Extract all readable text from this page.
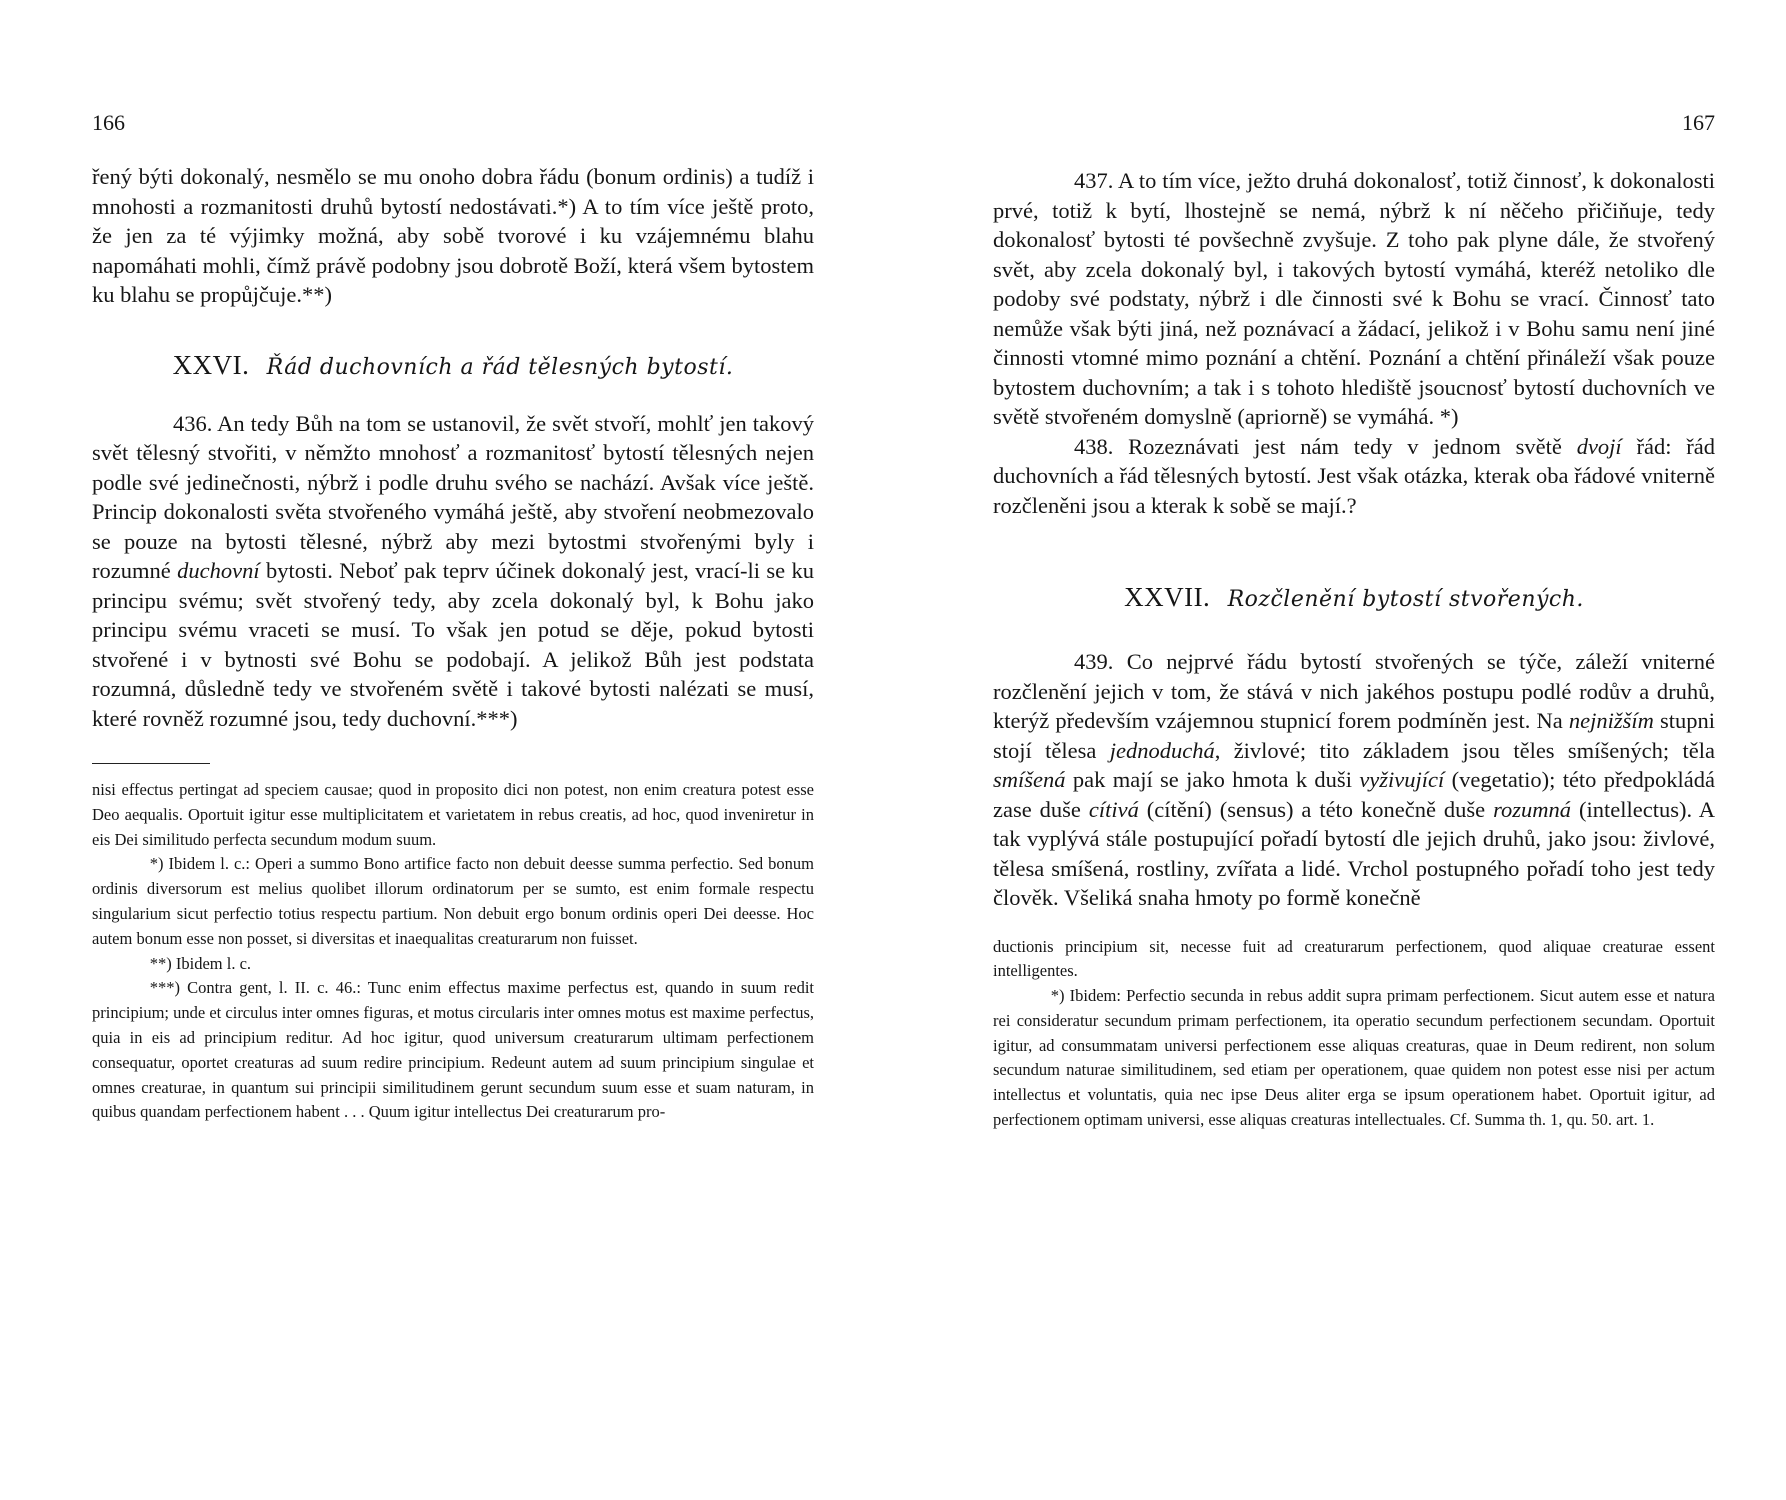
166

řený býti dokonalý, nesmělo se mu onoho dobra řádu (bonum ordinis) a tudíž i mnohosti a rozmanitosti druhů bytostí nedostávati.*) A to tím více ještě proto, že jen za té výjimky možná, aby sobě tvorové i ku vzájemnému blahu napomáhati mohli, čímž právě podobny jsou dobrotě Boží, která všem bytostem ku blahu se propůjčuje.**)

XXVI. Řád duchovních a řád tělesných bytostí.

436. An tedy Bůh na tom se ustanovil, že svět stvoří, mohlť jen takový svět tělesný stvořiti, v němžto mnohosť a rozmanitosť bytostí tělesných nejen podle své jedinečnosti, nýbrž i podle druhu svého se nachází. Avšak více ještě. Princip dokonalosti světa stvořeného vymáhá ještě, aby stvoření neobmezovalo se pouze na bytosti tělesné, nýbrž aby mezi bytostmi stvořenými byly i rozumné duchovní bytosti. Neboť pak teprv účinek dokonalý jest, vrací-li se ku principu svému; svět stvořený tedy, aby zcela dokonalý byl, k Bohu jako principu svému vraceti se musí. To však jen potud se děje, pokud bytosti stvořené i v bytnosti své Bohu se podobají. A jelikož Bůh jest podstata rozumná, důsledně tedy ve stvořeném světě i takové bytosti nalézati se musí, které rovněž rozumné jsou, tedy duchovní.***)

nisi effectus pertingat ad speciem causae; quod in proposito dici non potest, non enim creatura potest esse Deo aequalis. Oportuit igitur esse multiplicitatem et varietatem in rebus creatis, ad hoc, quod inveniretur in eis Dei similitudo perfecta secundum modum suum.

*) Ibidem l. c.: Operi a summo Bono artifice facto non debuit deesse summa perfectio. Sed bonum ordinis diversorum est melius quolibet illorum ordinatorum per se sumto, est enim formale respectu singularium sicut perfectio totius respectu partium. Non debuit ergo bonum ordinis operi Dei deesse. Hoc autem bonum esse non posset, si diversitas et inaequalitas creaturarum non fuisset.

**) Ibidem l. c.

***) Contra gent, l. II. c. 46.: Tunc enim effectus maxime perfectus est, quando in suum redit principium; unde et circulus inter omnes figuras, et motus circularis inter omnes motus est maxime perfectus, quia in eis ad principium reditur. Ad hoc igitur, quod universum creaturarum ultimam perfectionem consequatur, oportet creaturas ad suum redire principium. Redeunt autem ad suum principium singulae et omnes creaturae, in quantum sui principii similitudinem gerunt secundum suum esse et suam naturam, in quibus quandam perfectionem habent . . . Quum igitur intellectus Dei creaturarum pro-

167

437. A to tím více, ježto druhá dokonalosť, totiž činnosť, k dokonalosti prvé, totiž k bytí, lhostejně se nemá, nýbrž k ní něčeho přičiňuje, tedy dokonalosť bytosti té povšechně zvyšuje. Z toho pak plyne dále, že stvořený svět, aby zcela dokonalý byl, i takových bytostí vymáhá, kteréž netoliko dle podoby své podstaty, nýbrž i dle činnosti své k Bohu se vrací. Činnosť tato nemůže však býti jiná, než poznávací a žádací, jelikož i v Bohu samu není jiné činnosti vtomné mimo poznání a chtění. Poznání a chtění přináleží však pouze bytostem duchovním; a tak i s tohoto hlediště jsoucnosť bytostí duchovních ve světě stvořeném domyslně (apriorně) se vymáhá. *)

438. Rozeznávati jest nám tedy v jednom světě dvojí řád: řád duchovních a řád tělesných bytostí. Jest však otázka, kterak oba řádové vniterně rozčleněni jsou a kterak k sobě se mají.?

XXVII. Rozčlenění bytostí stvořených.

439. Co nejprvé řádu bytostí stvořených se týče, záleží vniterné rozčlenění jejich v tom, že stává v nich jakéhos postupu podlé rodův a druhů, kterýž především vzájemnou stupnicí forem podmíněn jest. Na nejnižším stupni stojí tělesa jednoduchá, živlové; tito základem jsou těles smíšených; těla smíšená pak mají se jako hmota k duši vyživující (vegetatio); této předpokládá zase duše cítivá (cítění) (sensus) a této konečně duše rozumná (intellectus). A tak vyplývá stále postupující pořadí bytostí dle jejich druhů, jako jsou: živlové, tělesa smíšená, rostliny, zvířata a lidé. Vrchol postupného pořadí toho jest tedy člověk. Všeliká snaha hmoty po formě konečně

ductionis principium sit, necesse fuit ad creaturarum perfectionem, quod aliquae creaturae essent intelligentes.

*) Ibidem: Perfectio secunda in rebus addit supra primam perfectionem. Sicut autem esse et natura rei consideratur secundum primam perfectionem, ita operatio secundum perfectionem secundam. Oportuit igitur, ad consummatam universi perfectionem esse aliquas creaturas, quae in Deum redirent, non solum secundum naturae similitudinem, sed etiam per operationem, quae quidem non potest esse nisi per actum intellectus et voluntatis, quia nec ipse Deus aliter erga se ipsum operationem habet. Oportuit igitur, ad perfectionem optimam universi, esse aliquas creaturas intellectuales. Cf. Summa th. 1, qu. 50. art. 1.
